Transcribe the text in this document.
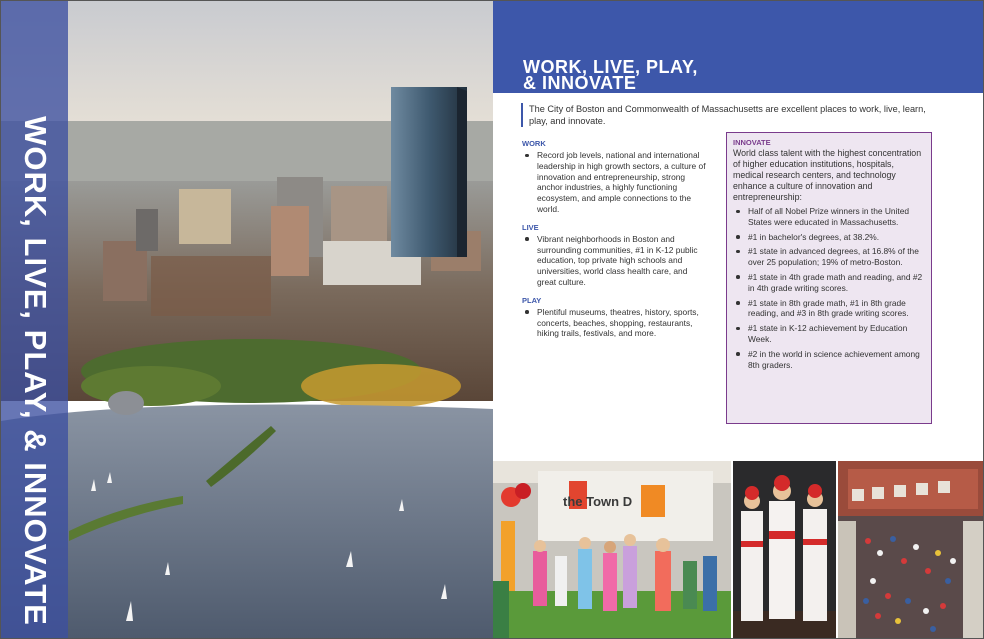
WORK, LIVE, PLAY, & INNOVATE
WORK, LIVE, PLAY,
& INNOVATE
The City of Boston and Commonwealth of Massachusetts are excellent places to work, live, learn, play, and innovate.
WORK
Record job levels, national and international leadership in high growth sectors, a culture of innovation and entrepreneurship, strong anchor industries, a highly functioning ecosystem, and ample connections to the world.
LIVE
Vibrant neighborhoods in Boston and surrounding communities, #1 in K-12 public education, top private high schools and universities, world class health care, and great culture.
PLAY
Plentiful museums, theatres, history, sports, concerts, beaches, shopping, restaurants, hiking trails, festivals, and more.
INNOVATE
World class talent with the highest concentration of higher education institutions, hospitals, medical research centers, and technology enhance a culture of innovation and entrepreneurship:
Half of all Nobel Prize winners in the United States were educated in Massachusetts.
#1 in bachelor's degrees, at 38.2%.
#1 state in advanced degrees, at 16.8% of the over 25 population; 19% of metro-Boston.
#1 state in 4th grade math and reading, and #2 in 4th grade writing scores.
#1 state in 8th grade math, #1 in 8th grade reading, and #3 in 8th grade writing scores.
#1 state in K-12 achievement by Education Week.
#2 in the world in science achievement among 8th graders.
the Town D
